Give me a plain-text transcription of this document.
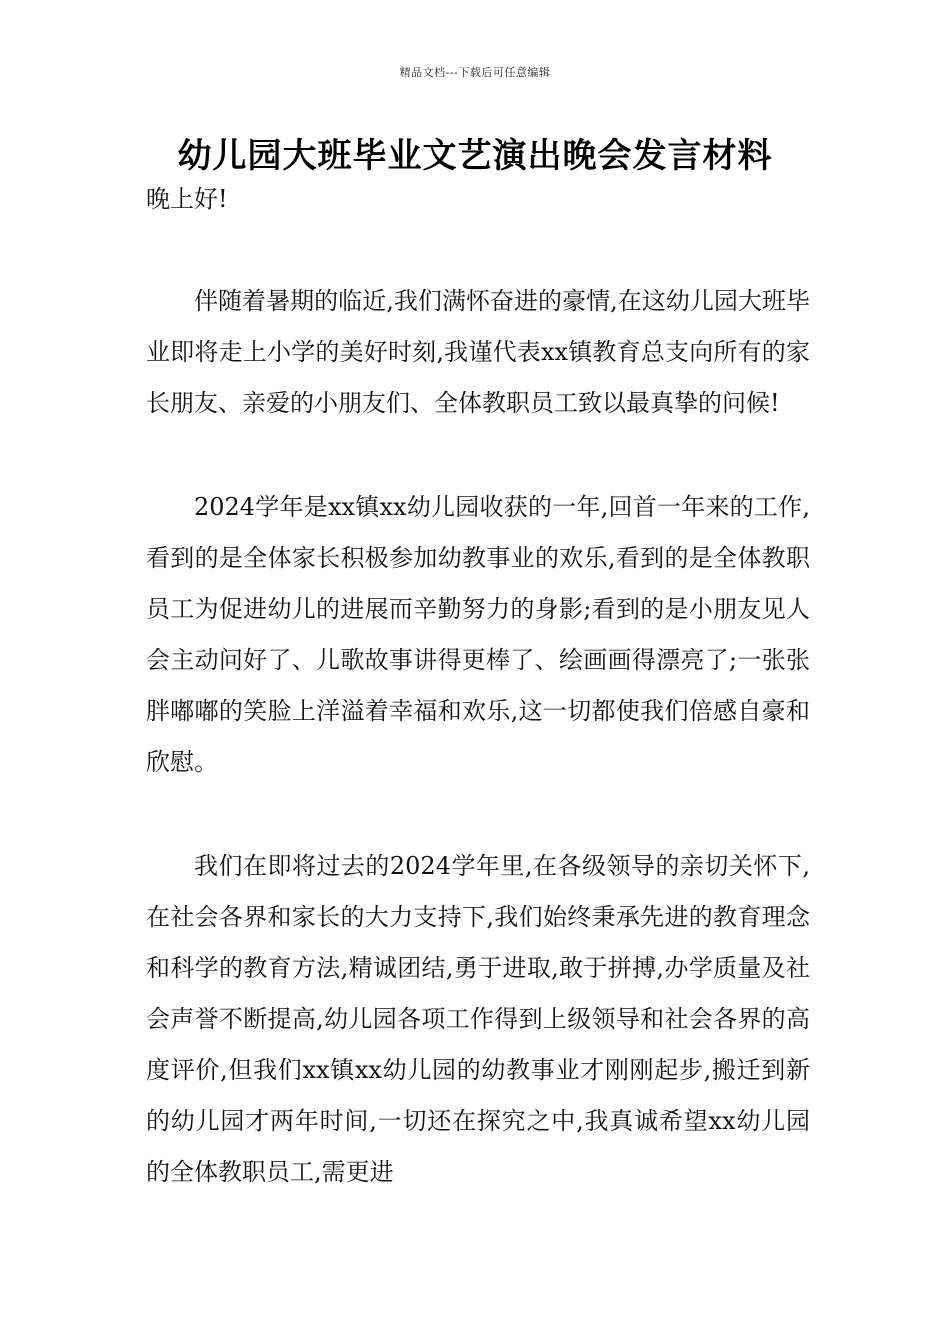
精品文档---下载后可任意编辑
幼儿园大班毕业文艺演出晚会发言材料

晚上好!

伴随着暑期的临近,我们满怀奋进的豪情,在这幼儿园大班毕业即将走上小学的美好时刻,我谨代表xx镇教育总支向所有的家长朋友、亲爱的小朋友们、全体教职员工致以最真挚的问候!

2024学年是xx镇xx幼儿园收获的一年,回首一年来的工作,看到的是全体家长积极参加幼教事业的欢乐,看到的是全体教职员工为促进幼儿的进展而辛勤努力的身影;看到的是小朋友见人会主动问好了、儿歌故事讲得更棒了、绘画画得漂亮了;一张张胖嘟嘟的笑脸上洋溢着幸福和欢乐,这一切都使我们倍感自豪和欣慰。

我们在即将过去的2024学年里,在各级领导的亲切关怀下,在社会各界和家长的大力支持下,我们始终秉承先进的教育理念和科学的教育方法,精诚团结,勇于进取,敢于拼搏,办学质量及社会声誉不断提高,幼儿园各项工作得到上级领导和社会各界的高度评价,但我们xx镇xx幼儿园的幼教事业才刚刚起步,搬迁到新的幼儿园才两年时间,一切还在探究之中,我真诚希望xx幼儿园的全体教职员工,需更进
